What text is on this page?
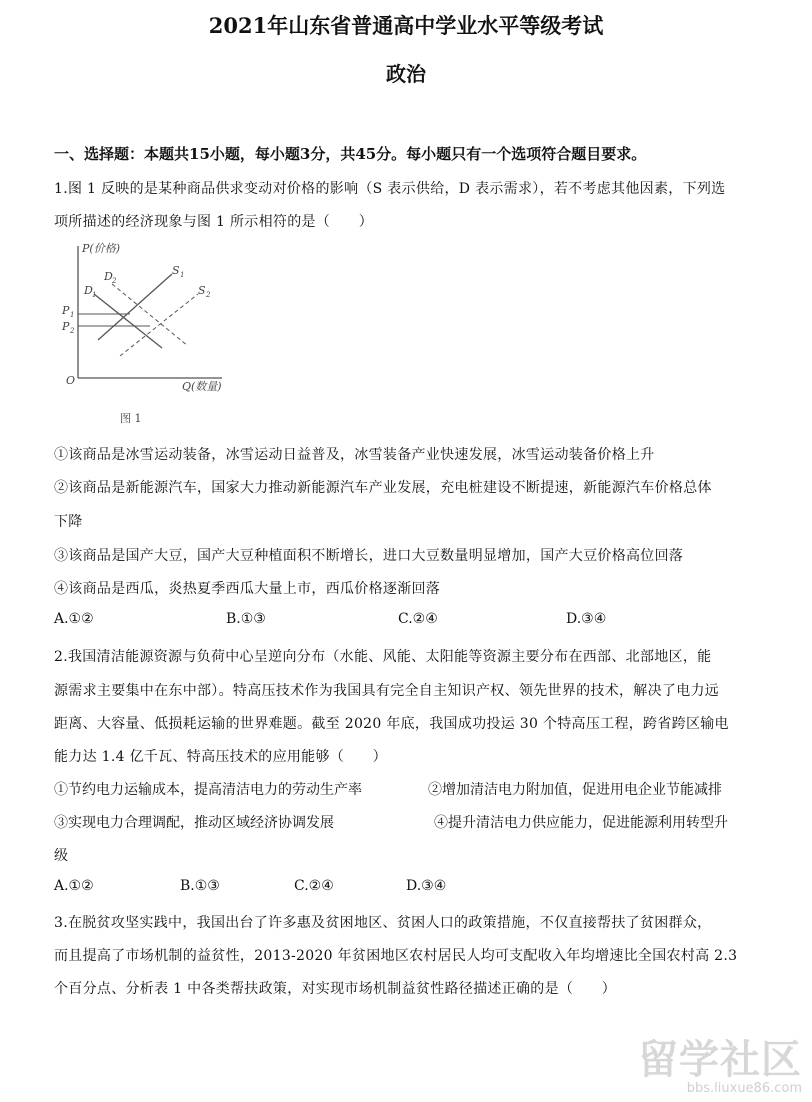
2021年山东省普通高中学业水平等级考试
政治
一、选择题：本题共15小题，每小题3分，共45分。每小题只有一个选项符合题目要求。
1.图 1 反映的是某种商品供求变动对价格的影响（S 表示供给，D 表示需求），若不考虑其他因素，下列选
项所描述的经济现象与图 1 所示相符的是（　　）
P(价格)
Q(数量)
O
P 1
P 2
D 1
D 2
S 1
S 2
图 1
①该商品是冰雪运动装备，冰雪运动日益普及，冰雪装备产业快速发展，冰雪运动装备价格上升
②该商品是新能源汽车，国家大力推动新能源汽车产业发展，充电桩建设不断提速，新能源汽车价格总体
下降
③该商品是国产大豆，国产大豆种植面积不断增长，进口大豆数量明显增加，国产大豆价格高位回落
④该商品是西瓜，炎热夏季西瓜大量上市，西瓜价格逐渐回落
A.①②	B.①③	C.②④	D.③④
2.我国清洁能源资源与负荷中心呈逆向分布（水能、风能、太阳能等资源主要分布在西部、北部地区，能
源需求主要集中在东中部）。特高压技术作为我国具有完全自主知识产权、领先世界的技术，解决了电力远
距离、大容量、低损耗运输的世界难题。截至 2020 年底，我国成功投运 30 个特高压工程，跨省跨区输电
能力达 1.4 亿千瓦、特高压技术的应用能够（　　）
①节约电力运输成本，提高清洁电力的劳动生产率	②增加清洁电力附加值，促进用电企业节能减排
③实现电力合理调配，推动区域经济协调发展	④提升清洁电力供应能力，促进能源利用转型升
级
A.①②	B.①③	C.②④	D.③④
3.在脱贫攻坚实践中，我国出台了许多惠及贫困地区、贫困人口的政策措施，不仅直接帮扶了贫困群众，
而且提高了市场机制的益贫性，2013-2020 年贫困地区农村居民人均可支配收入年均增速比全国农村高 2.3
个百分点、分析表 1 中各类帮扶政策，对实现市场机制益贫性路径描述正确的是（　　）
留学社区
bbs.liuxue86.com
